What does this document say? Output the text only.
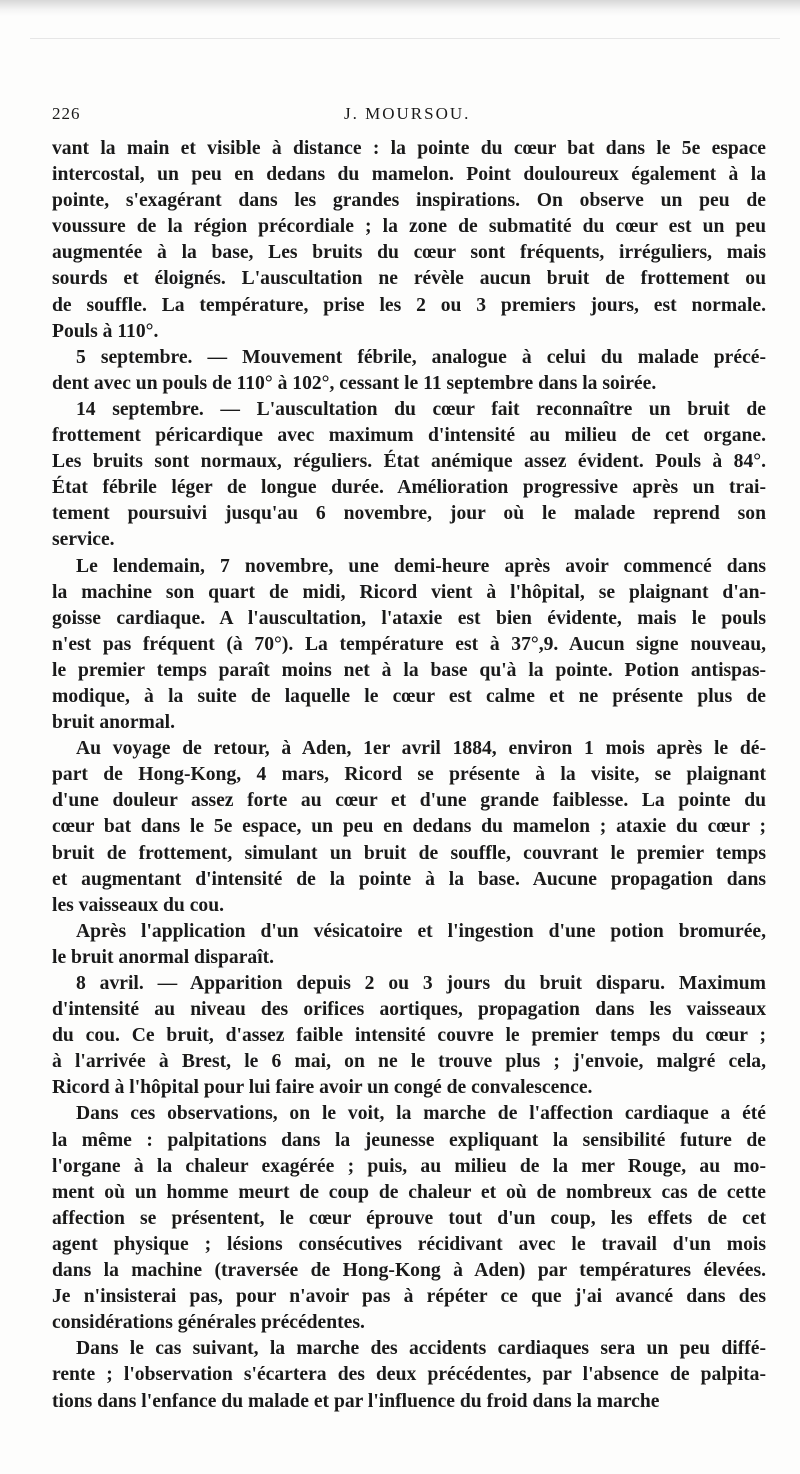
226	J. MOURSOU.

vant la main et visible à distance : la pointe du cœur bat dans le 5e espace
intercostal, un peu en dedans du mamelon. Point douloureux également à la
pointe, s'exagérant dans les grandes inspirations. On observe un peu de
voussure de la région précordiale ; la zone de submatité du cœur est un peu
augmentée à la base, Les bruits du cœur sont fréquents, irréguliers, mais
sourds et éloignés. L'auscultation ne révèle aucun bruit de frottement ou
de souffle. La température, prise les 2 ou 3 premiers jours, est normale.
Pouls à 110°.

5 septembre. — Mouvement fébrile, analogue à celui du malade précé-
dent avec un pouls de 110° à 102°, cessant le 11 septembre dans la soirée.

14 septembre. — L'auscultation du cœur fait reconnaître un bruit de
frottement péricardique avec maximum d'intensité au milieu de cet organe.
Les bruits sont normaux, réguliers. État anémique assez évident. Pouls à 84°.
État fébrile léger de longue durée. Amélioration progressive après un trai-
tement poursuivi jusqu'au 6 novembre, jour où le malade reprend son
service.

Le lendemain, 7 novembre, une demi-heure après avoir commencé dans
la machine son quart de midi, Ricord vient à l'hôpital, se plaignant d'an-
goisse cardiaque. A l'auscultation, l'ataxie est bien évidente, mais le pouls
n'est pas fréquent (à 70°). La température est à 37°,9. Aucun signe nouveau,
le premier temps paraît moins net à la base qu'à la pointe. Potion antispas-
modique, à la suite de laquelle le cœur est calme et ne présente plus de
bruit anormal.

Au voyage de retour, à Aden, 1er avril 1884, environ 1 mois après le dé-
part de Hong-Kong, 4 mars, Ricord se présente à la visite, se plaignant
d'une douleur assez forte au cœur et d'une grande faiblesse. La pointe du
cœur bat dans le 5e espace, un peu en dedans du mamelon ; ataxie du cœur ;
bruit de frottement, simulant un bruit de souffle, couvrant le premier temps
et augmentant d'intensité de la pointe à la base. Aucune propagation dans
les vaisseaux du cou.

Après l'application d'un vésicatoire et l'ingestion d'une potion bromurée,
le bruit anormal disparaît.

8 avril. — Apparition depuis 2 ou 3 jours du bruit disparu. Maximum
d'intensité au niveau des orifices aortiques, propagation dans les vaisseaux
du cou. Ce bruit, d'assez faible intensité couvre le premier temps du cœur ;
à l'arrivée à Brest, le 6 mai, on ne le trouve plus ; j'envoie, malgré cela,
Ricord à l'hôpital pour lui faire avoir un congé de convalescence.

Dans ces observations, on le voit, la marche de l'affection cardiaque a été
la même : palpitations dans la jeunesse expliquant la sensibilité future de
l'organe à la chaleur exagérée ; puis, au milieu de la mer Rouge, au mo-
ment où un homme meurt de coup de chaleur et où de nombreux cas de cette
affection se présentent, le cœur éprouve tout d'un coup, les effets de cet
agent physique ; lésions consécutives récidivant avec le travail d'un mois
dans la machine (traversée de Hong-Kong à Aden) par températures élevées.
Je n'insisterai pas, pour n'avoir pas à répéter ce que j'ai avancé dans des
considérations générales précédentes.

Dans le cas suivant, la marche des accidents cardiaques sera un peu diffé-
rente ; l'observation s'écartera des deux précédentes, par l'absence de palpita-
tions dans l'enfance du malade et par l'influence du froid dans la marche
